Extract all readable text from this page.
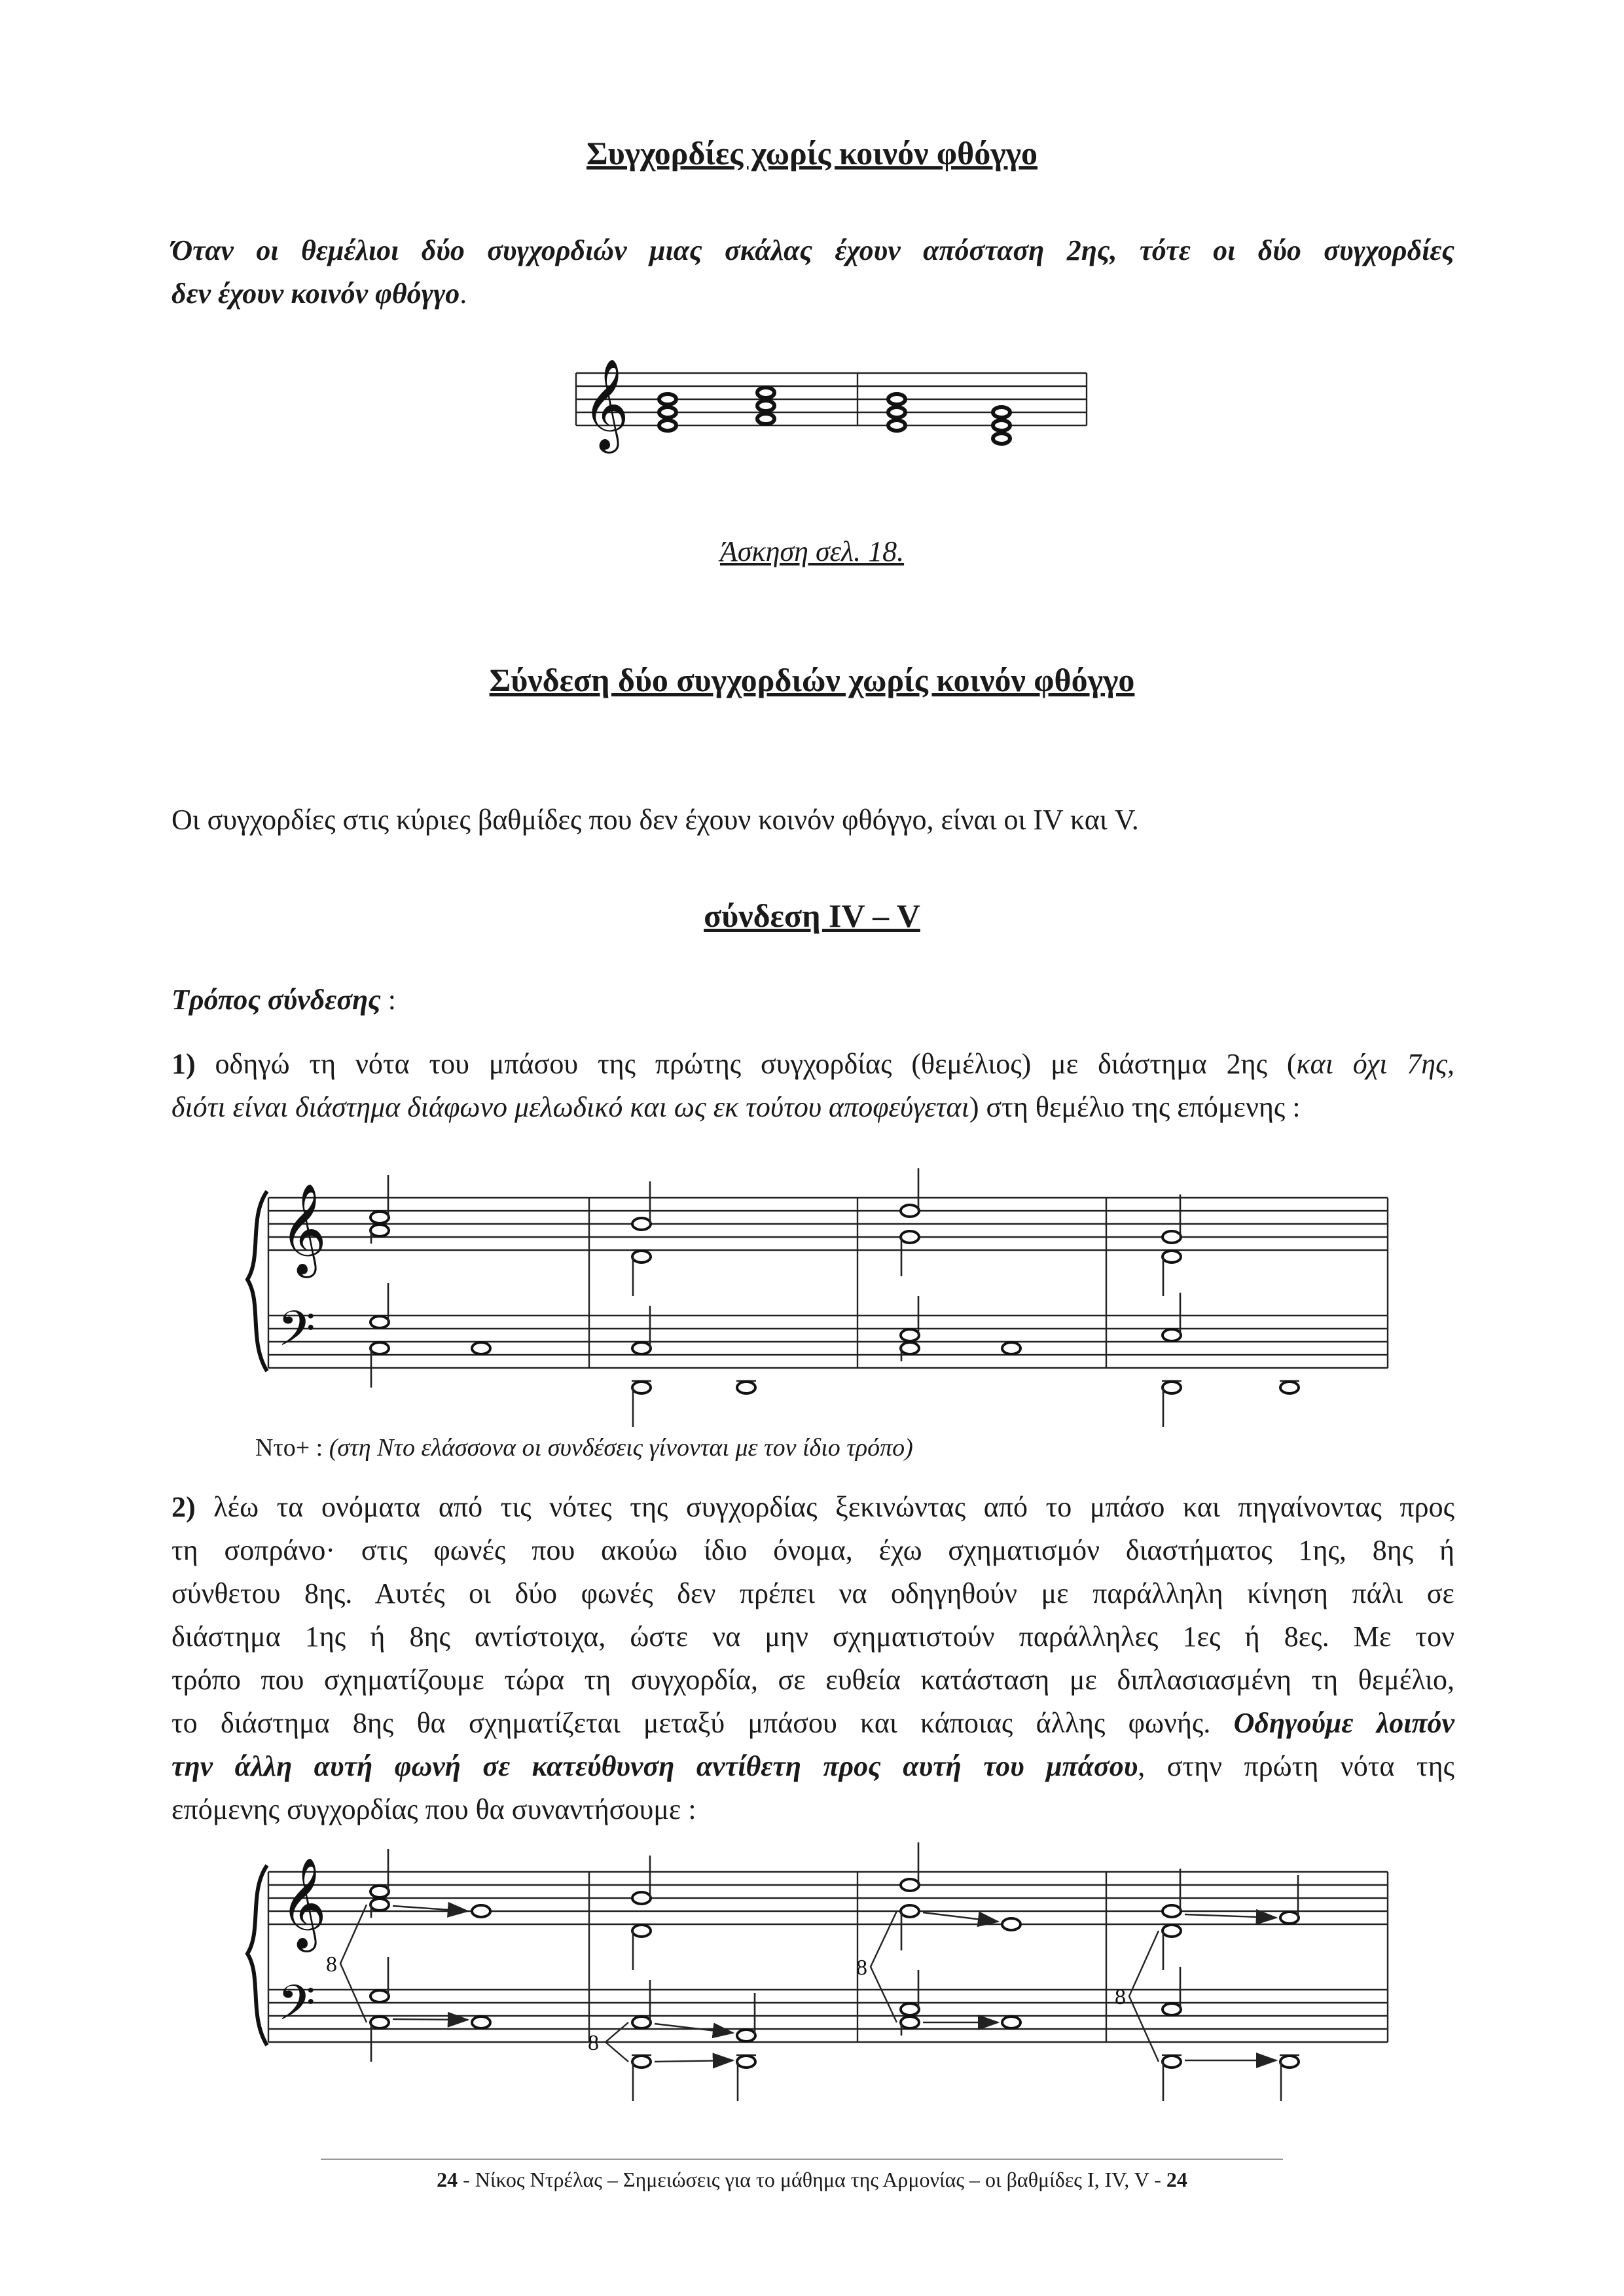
Συγχορδίες χωρίς κοινόν φθόγγο
Όταν οι θεμέλιοι δύο συγχορδιών μιας σκάλας έχουν απόσταση 2ης, τότε οι δύο συγχορδίες
δεν έχουν κοινόν φθόγγο.
𝄞
Άσκηση σελ. 18.
Σύνδεση δύο συγχορδιών χωρίς κοινόν φθόγγο
Οι συγχορδίες στις κύριες βαθμίδες που δεν έχουν κοινόν φθόγγο, είναι οι IV και V.
σύνδεση IV – V
Τρόπος σύνδεσης :
1) οδηγώ τη νότα του μπάσου της πρώτης συγχορδίας (θεμέλιος) με διάστημα 2ης (και όχι 7ης,
διότι είναι διάστημα διάφωνο μελωδικό και ως εκ τούτου αποφεύγεται) στη θεμέλιο της επόμενης :
𝄞
𝄢
Ντο+ : (στη Ντο ελάσσονα οι συνδέσεις γίνονται με τον ίδιο τρόπο)
2) λέω τα ονόματα από τις νότες της συγχορδίας ξεκινώντας από το μπάσο και πηγαίνοντας προς
τη σοπράνο· στις φωνές που ακούω ίδιο όνομα, έχω σχηματισμόν διαστήματος 1ης, 8ης ή
σύνθετου 8ης. Αυτές οι δύο φωνές δεν πρέπει να οδηγηθούν με παράλληλη κίνηση πάλι σε
διάστημα 1ης ή 8ης αντίστοιχα, ώστε να μην σχηματιστούν παράλληλες 1ες ή 8ες. Με τον
τρόπο που σχηματίζουμε τώρα τη συγχορδία, σε ευθεία κατάσταση με διπλασιασμένη τη θεμέλιο,
το διάστημα 8ης θα σχηματίζεται μεταξύ μπάσου και κάποιας άλλης φωνής. Οδηγούμε λοιπόν
την άλλη αυτή φωνή σε κατεύθυνση αντίθετη προς αυτή του μπάσου, στην πρώτη νότα της
επόμενης συγχορδίας που θα συναντήσουμε :
𝄞
𝄢
8
8
8
8
24 - Νίκος Ντρέλας – Σημειώσεις για το μάθημα της Αρμονίας – οι βαθμίδες Ι, IV, V - 24
